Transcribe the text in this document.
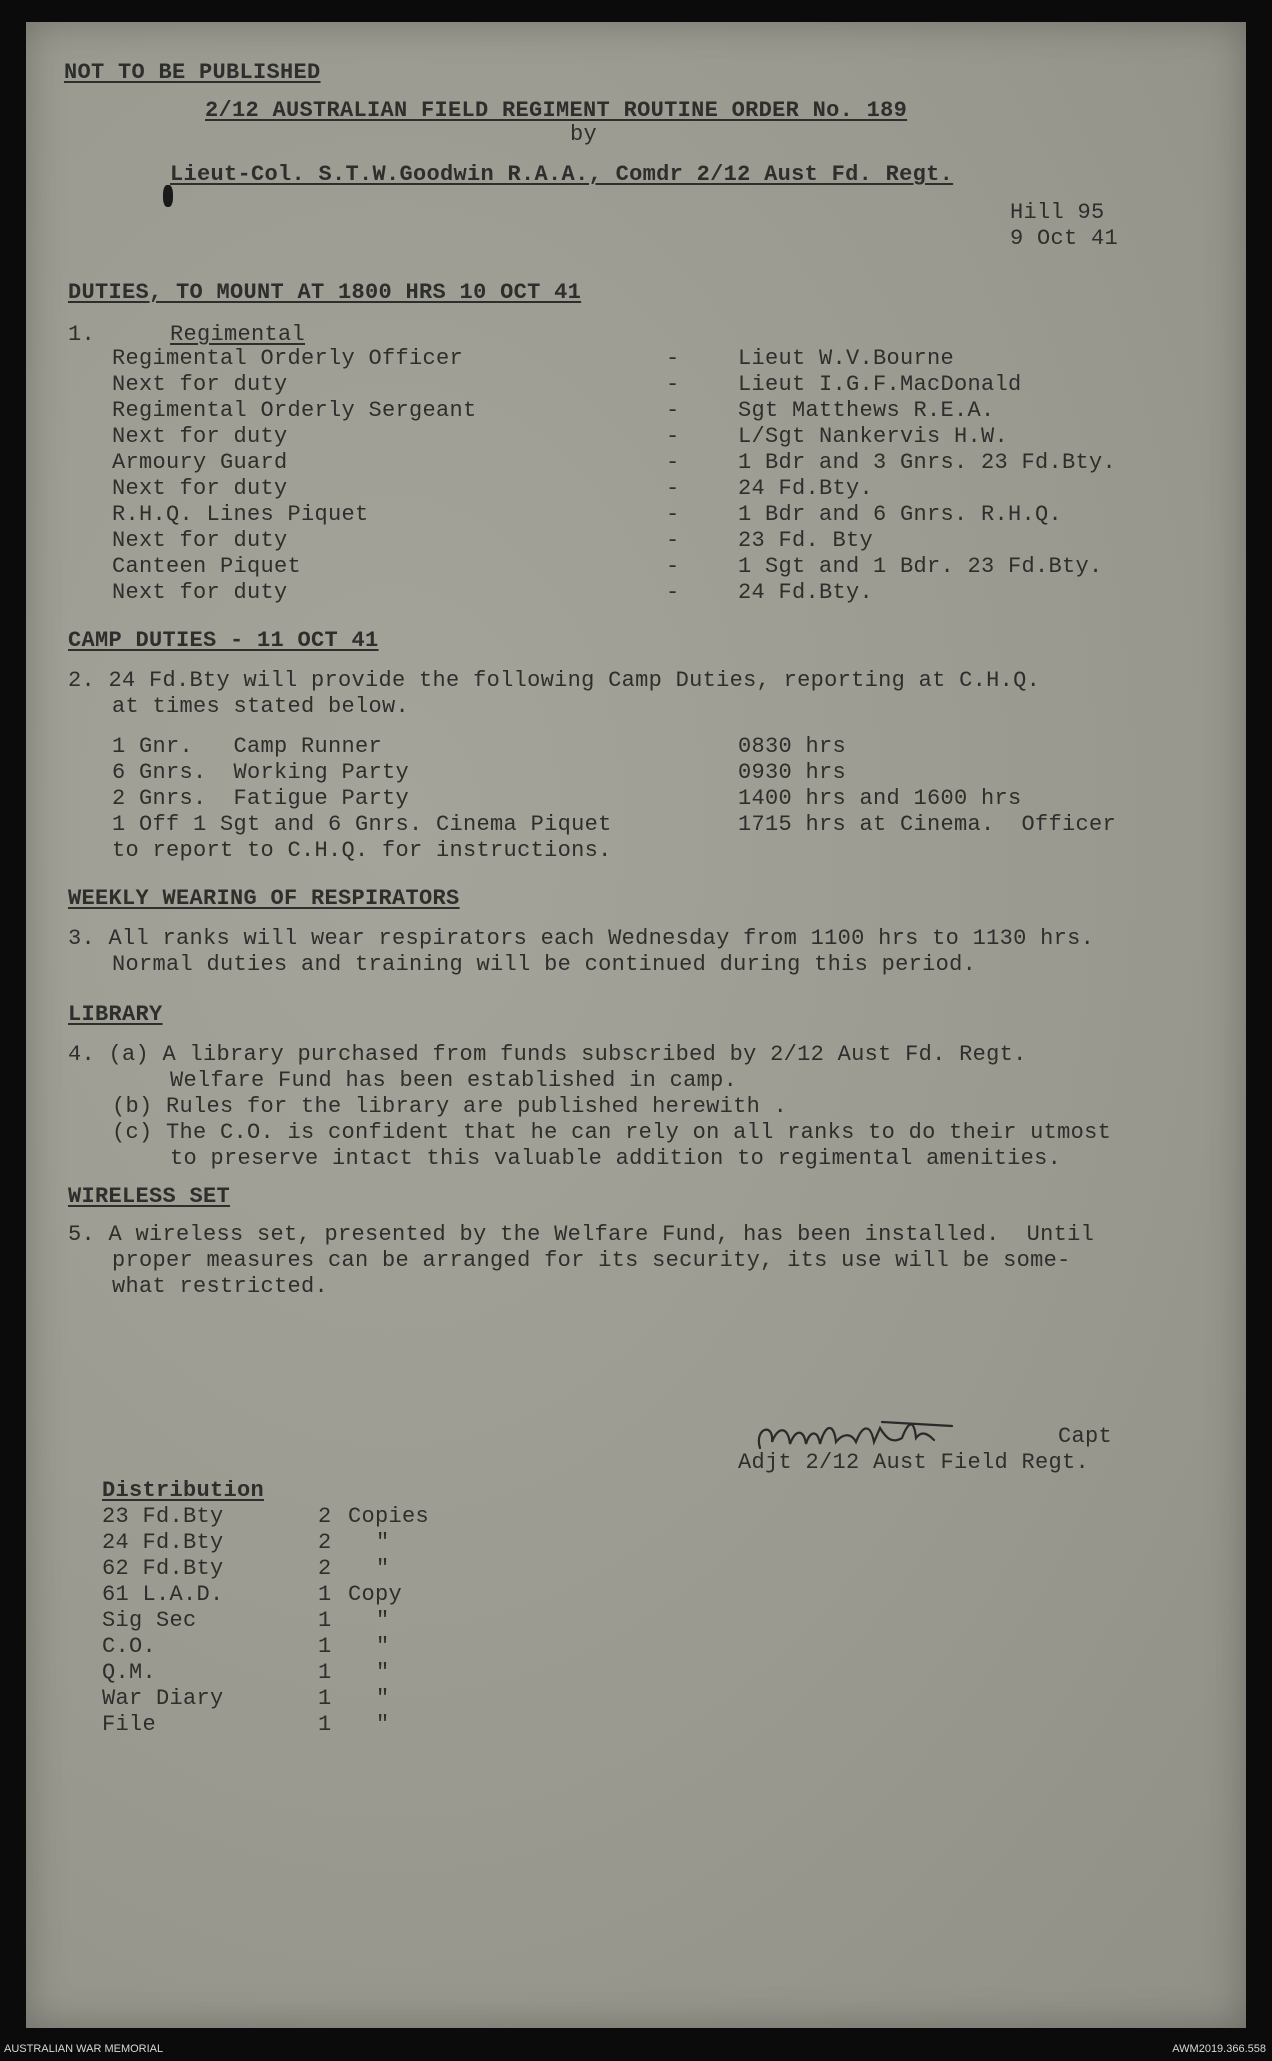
NOT TO BE PUBLISHED
2/12 AUSTRALIAN FIELD REGIMENT ROUTINE ORDER No. 189
by
Lieut-Col. S.T.W.Goodwin R.A.A., Comdr 2/12 Aust Fd. Regt.
Hill 95
9 Oct 41
DUTIES, TO MOUNT AT 1800 HRS 10 OCT 41
1.	Regimental
Regimental Orderly Officer	-	Lieut W.V.Bourne
Next for duty	-	Lieut I.G.F.MacDonald
Regimental Orderly Sergeant	-	Sgt Matthews R.E.A.
Next for duty	-	L/Sgt Nankervis H.W.
Armoury Guard	-	1 Bdr and 3 Gnrs. 23 Fd.Bty.
Next for duty	-	24 Fd.Bty.
R.H.Q. Lines Piquet	-	1 Bdr and 6 Gnrs. R.H.Q.
Next for duty	-	23 Fd. Bty
Canteen Piquet	-	1 Sgt and 1 Bdr. 23 Fd.Bty.
Next for duty	-	24 Fd.Bty.
CAMP DUTIES - 11 OCT 41
2. 24 Fd.Bty will provide the following Camp Duties, reporting at C.H.Q.
at times stated below.
1 Gnr.   Camp Runner	0830 hrs
6 Gnrs.  Working Party	0930 hrs
2 Gnrs.  Fatigue Party	1400 hrs and 1600 hrs
1 Off 1 Sgt and 6 Gnrs. Cinema Piquet	1715 hrs at Cinema.  Officer
to report to C.H.Q. for instructions.
WEEKLY WEARING OF RESPIRATORS
3. All ranks will wear respirators each Wednesday from 1100 hrs to 1130 hrs.
Normal duties and training will be continued during this period.
LIBRARY
4. (a) A library purchased from funds subscribed by 2/12 Aust Fd. Regt.
Welfare Fund has been established in camp.
(b) Rules for the library are published herewith .
(c) The C.O. is confident that he can rely on all ranks to do their utmost
to preserve intact this valuable addition to regimental amenities.
WIRELESS SET
5. A wireless set, presented by the Welfare Fund, has been installed.  Until
proper measures can be arranged for its security, its use will be some-
what restricted.
Capt
Adjt 2/12 Aust Field Regt.
Distribution
23 Fd.Bty	2 Copies
24 Fd.Bty	2 "
62 Fd.Bty	2 "
61 L.A.D.	1 Copy
Sig Sec	1 "
C.O.	1 "
Q.M.	1 "
War Diary	1 "
File	1 "
AUSTRALIAN WAR MEMORIAL	AWM2019.366.558
